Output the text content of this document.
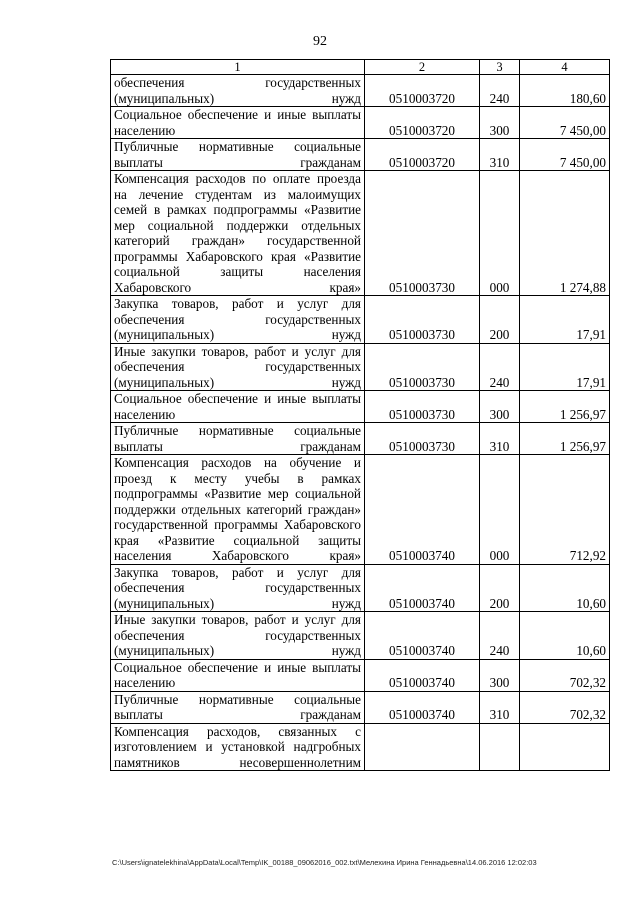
92
1	2	3	4
обеспечения государственных (муниципальных) нужд	0510003720	240	180,60
Социальное обеспечение и иные выплаты населению	0510003720	300	7 450,00
Публичные нормативные социальные выплаты гражданам	0510003720	310	7 450,00
Компенсация расходов по оплате проезда на лечение студентам из малоимущих семей в рамках подпрограммы «Развитие мер социальной поддержки отдельных категорий граждан» государственной программы Хабаровского края «Развитие социальной защиты населения Хабаровского края»	0510003730	000	1 274,88
Закупка товаров, работ и услуг для обеспечения государственных (муниципальных) нужд	0510003730	200	17,91
Иные закупки товаров, работ и услуг для обеспечения государственных (муниципальных) нужд	0510003730	240	17,91
Социальное обеспечение и иные выплаты населению	0510003730	300	1 256,97
Публичные нормативные социальные выплаты гражданам	0510003730	310	1 256,97
Компенсация расходов на обучение и проезд к месту учебы в рамках подпрограммы «Развитие мер социальной поддержки отдельных категорий граждан» государственной программы Хабаровского края «Развитие социальной защиты населения Хабаровского края»	0510003740	000	712,92
Закупка товаров, работ и услуг для обеспечения государственных (муниципальных) нужд	0510003740	200	10,60
Иные закупки товаров, работ и услуг для обеспечения государственных (муниципальных) нужд	0510003740	240	10,60
Социальное обеспечение и иные выплаты населению	0510003740	300	702,32
Публичные нормативные социальные выплаты гражданам	0510003740	310	702,32
Компенсация расходов, связанных с изготовлением и установкой надгробных памятников несовершеннолетним			
C:\Users\ignatelekhina\AppData\Local\Temp\IK_00188_09062016_002.txt\Мелехина Ирина Геннадьевна\14.06.2016 12:02:03
